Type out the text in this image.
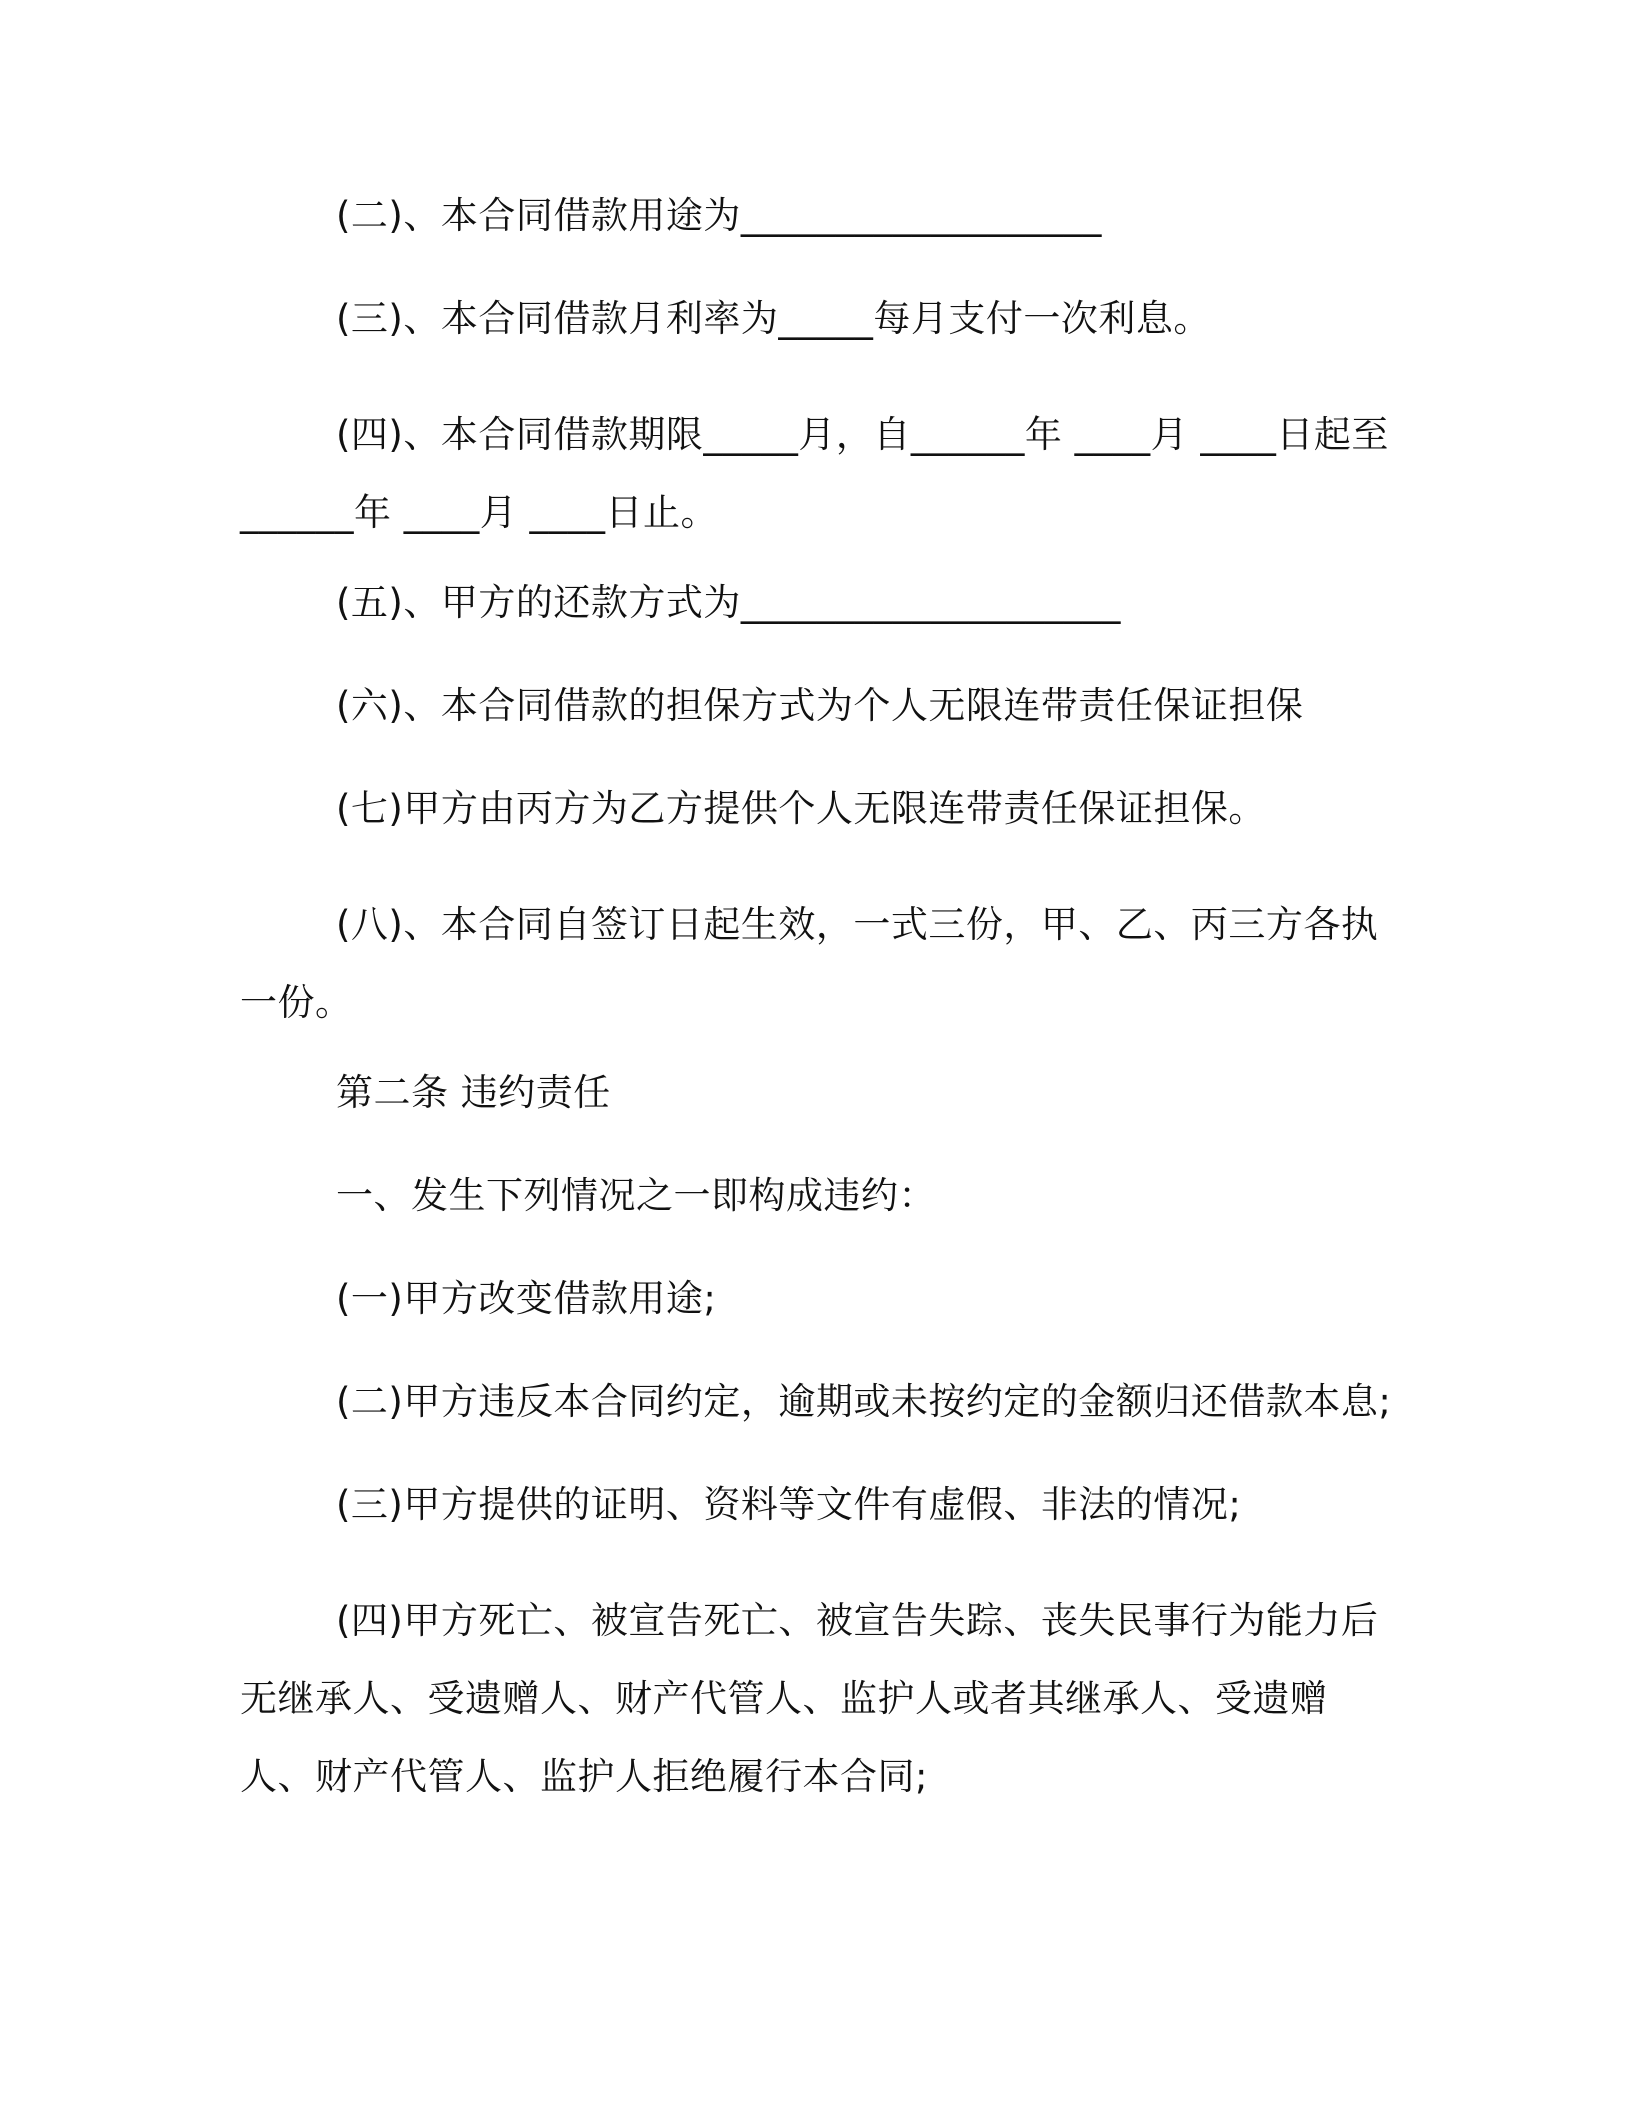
(二)、本合同借款用途为___________________

(三)、本合同借款月利率为_____每月支付一次利息。

(四)、本合同借款期限_____月，自______年 ____月 ____日起至______年 ____月 ____日止。

(五)、甲方的还款方式为____________________

(六)、本合同借款的担保方式为个人无限连带责任保证担保

(七)甲方由丙方为乙方提供个人无限连带责任保证担保。

(八)、本合同自签订日起生效，一式三份，甲、乙、丙三方各执一份。

第二条 违约责任

一、发生下列情况之一即构成违约：

(一)甲方改变借款用途;

(二)甲方违反本合同约定，逾期或未按约定的金额归还借款本息;

(三)甲方提供的证明、资料等文件有虚假、非法的情况;

(四)甲方死亡、被宣告死亡、被宣告失踪、丧失民事行为能力后无继承人、受遗赠人、财产代管人、监护人或者其继承人、受遗赠人、财产代管人、监护人拒绝履行本合同;
